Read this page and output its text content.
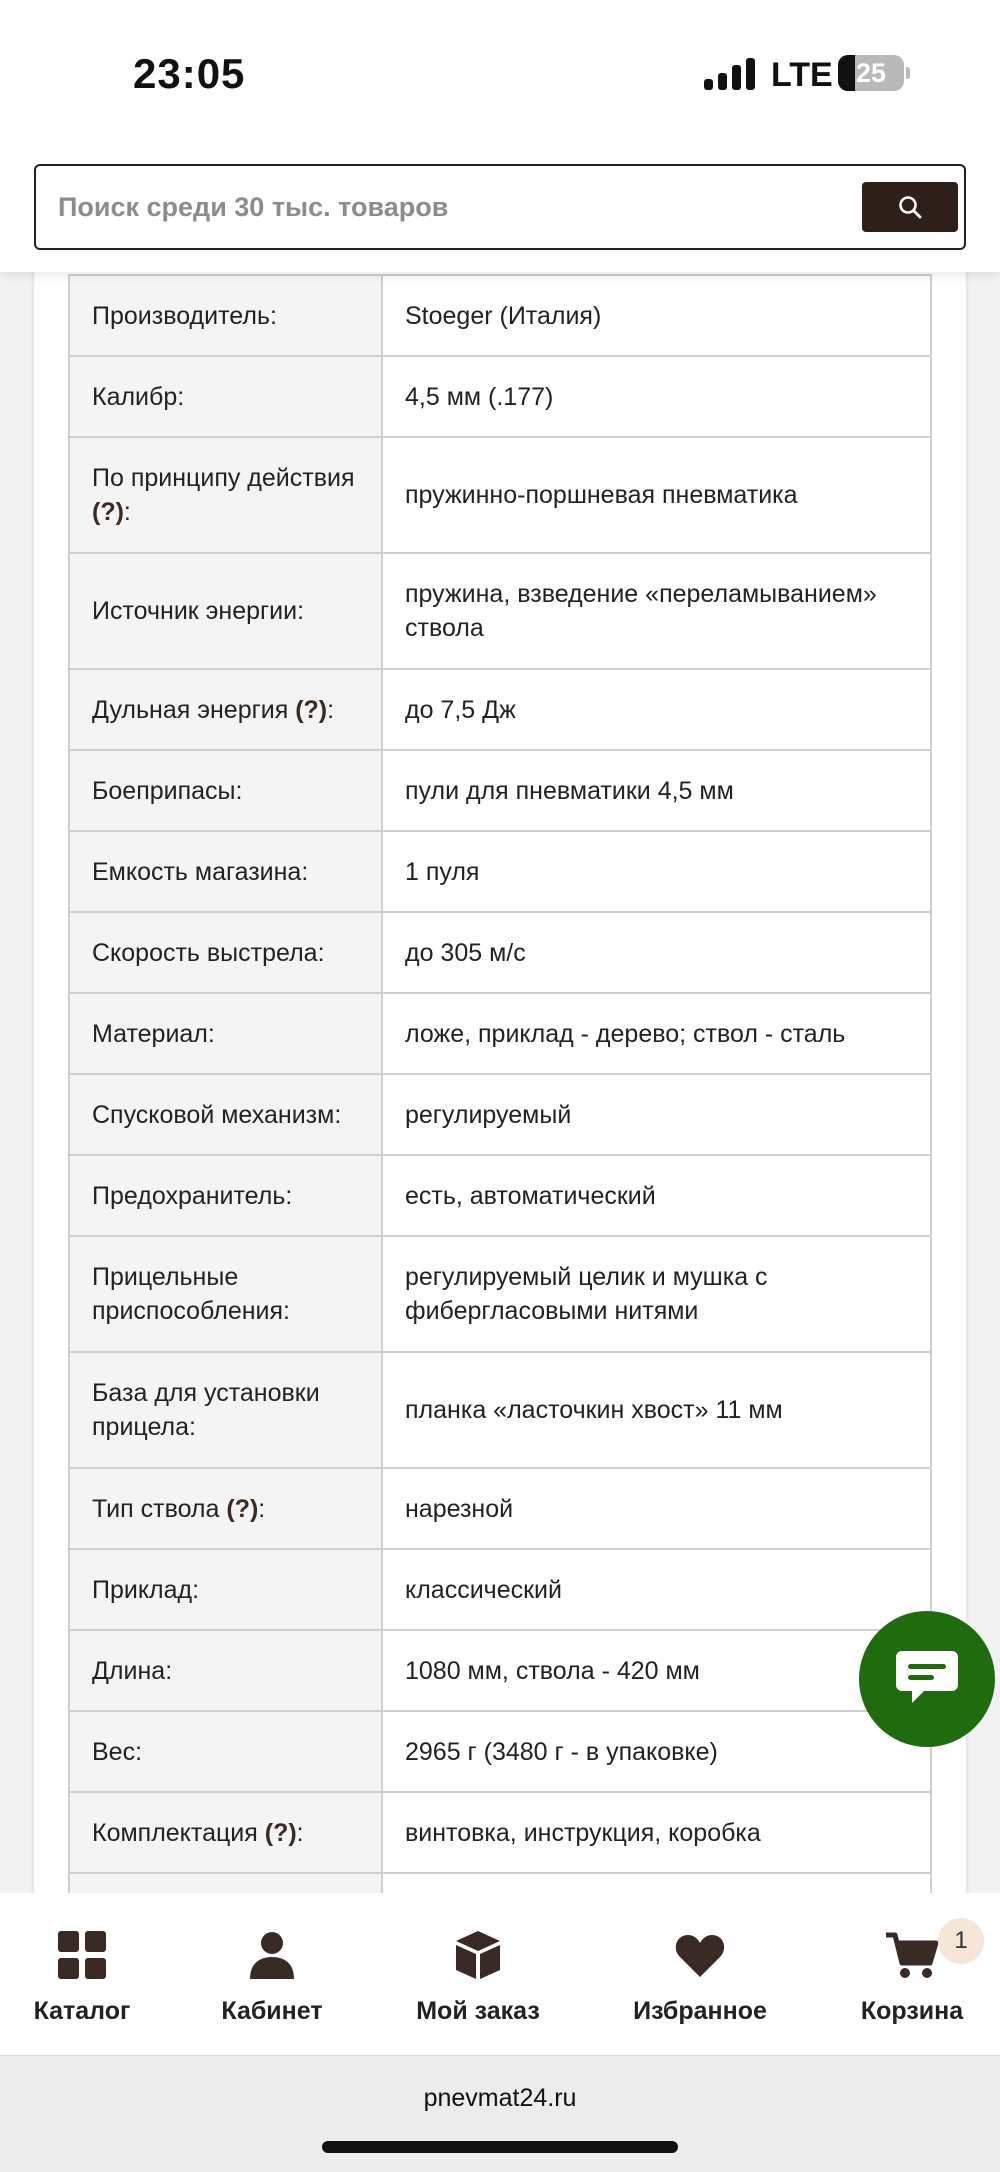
23:05	LTE 25
Поиск среди 30 тыс. товаров
Производитель:	Stoeger (Италия)
Калибр:	4,5 мм (.177)
По принципу действия (?):	пружинно-поршневая пневматика
Источник энергии:	пружина, взведение «переламыванием» ствола
Дульная энергия (?):	до 7,5 Дж
Боеприпасы:	пули для пневматики 4,5 мм
Емкость магазина:	1 пуля
Скорость выстрела:	до 305 м/с
Материал:	ложе, приклад - дерево; ствол - сталь
Спусковой механизм:	регулируемый
Предохранитель:	есть, автоматический
Прицельные приспособления:	регулируемый целик и мушка с фибергласовыми нитями
База для установки прицела:	планка «ласточкин хвост» 11 мм
Тип ствола (?):	нарезной
Приклад:	классический
Длина:	1080 мм, ствола - 420 мм
Вес:	2965 г (3480 г - в упаковке)
Комплектация (?):	винтовка, инструкция, коробка

Каталог	Кабинет	Мой заказ	Избранное	Корзина
1
pnevmat24.ru
